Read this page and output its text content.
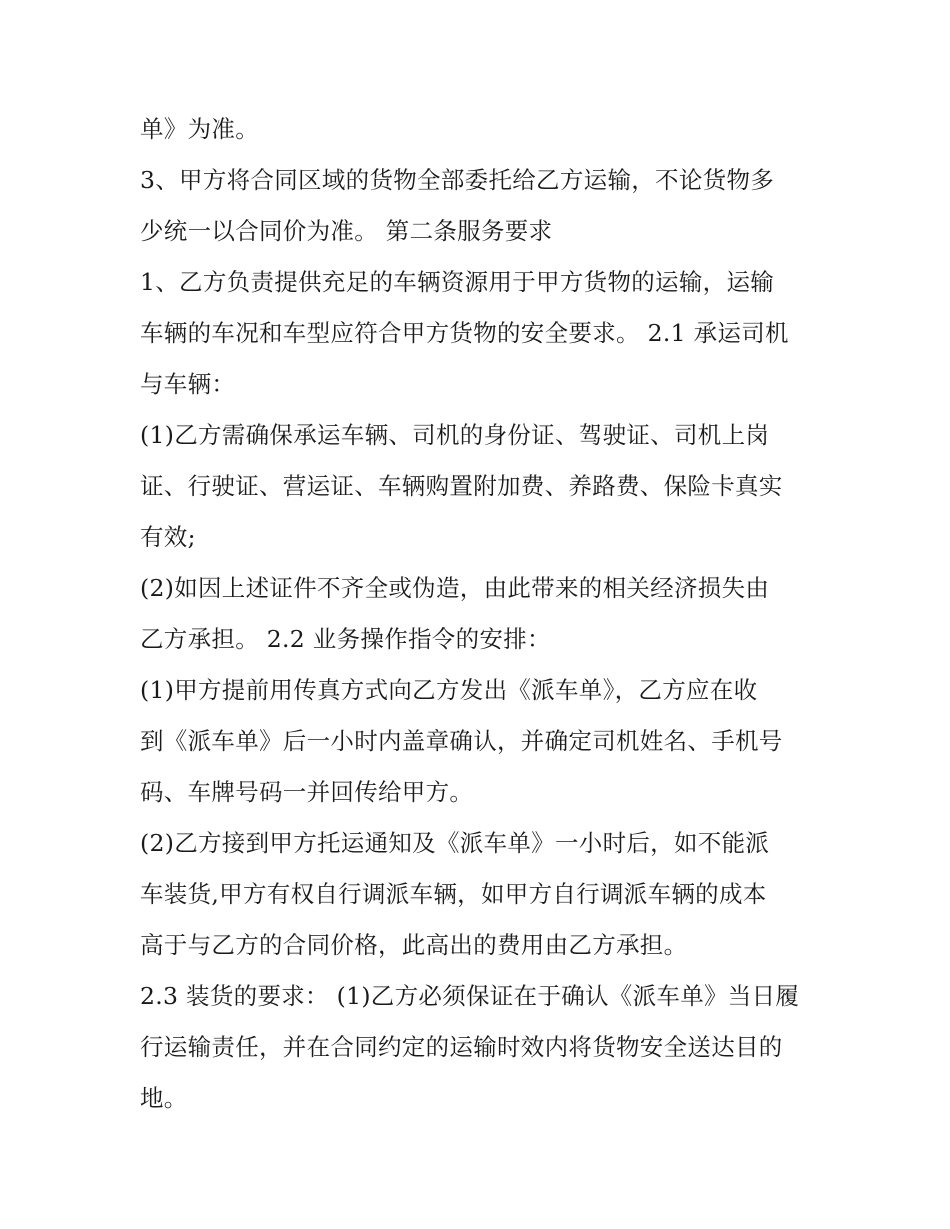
单》为准。
3、甲方将合同区域的货物全部委托给乙方运输，不论货物多
少统一以合同价为准。 第二条服务要求
1、乙方负责提供充足的车辆资源用于甲方货物的运输，运输
车辆的车况和车型应符合甲方货物的安全要求。 2.1 承运司机
与车辆：
(1)乙方需确保承运车辆、司机的身份证、驾驶证、司机上岗
证、行驶证、营运证、车辆购置附加费、养路费、保险卡真实
有效;
(2)如因上述证件不齐全或伪造，由此带来的相关经济损失由
乙方承担。 2.2 业务操作指令的安排：
(1)甲方提前用传真方式向乙方发出《派车单》，乙方应在收
到《派车单》后一小时内盖章确认，并确定司机姓名、手机号
码、车牌号码一并回传给甲方。
(2)乙方接到甲方托运通知及《派车单》一小时后，如不能派
车装货,甲方有权自行调派车辆，如甲方自行调派车辆的成本
高于与乙方的合同价格，此高出的费用由乙方承担。
2.3 装货的要求： (1)乙方必须保证在于确认《派车单》当日履
行运输责任，并在合同约定的运输时效内将货物安全送达目的
地。
